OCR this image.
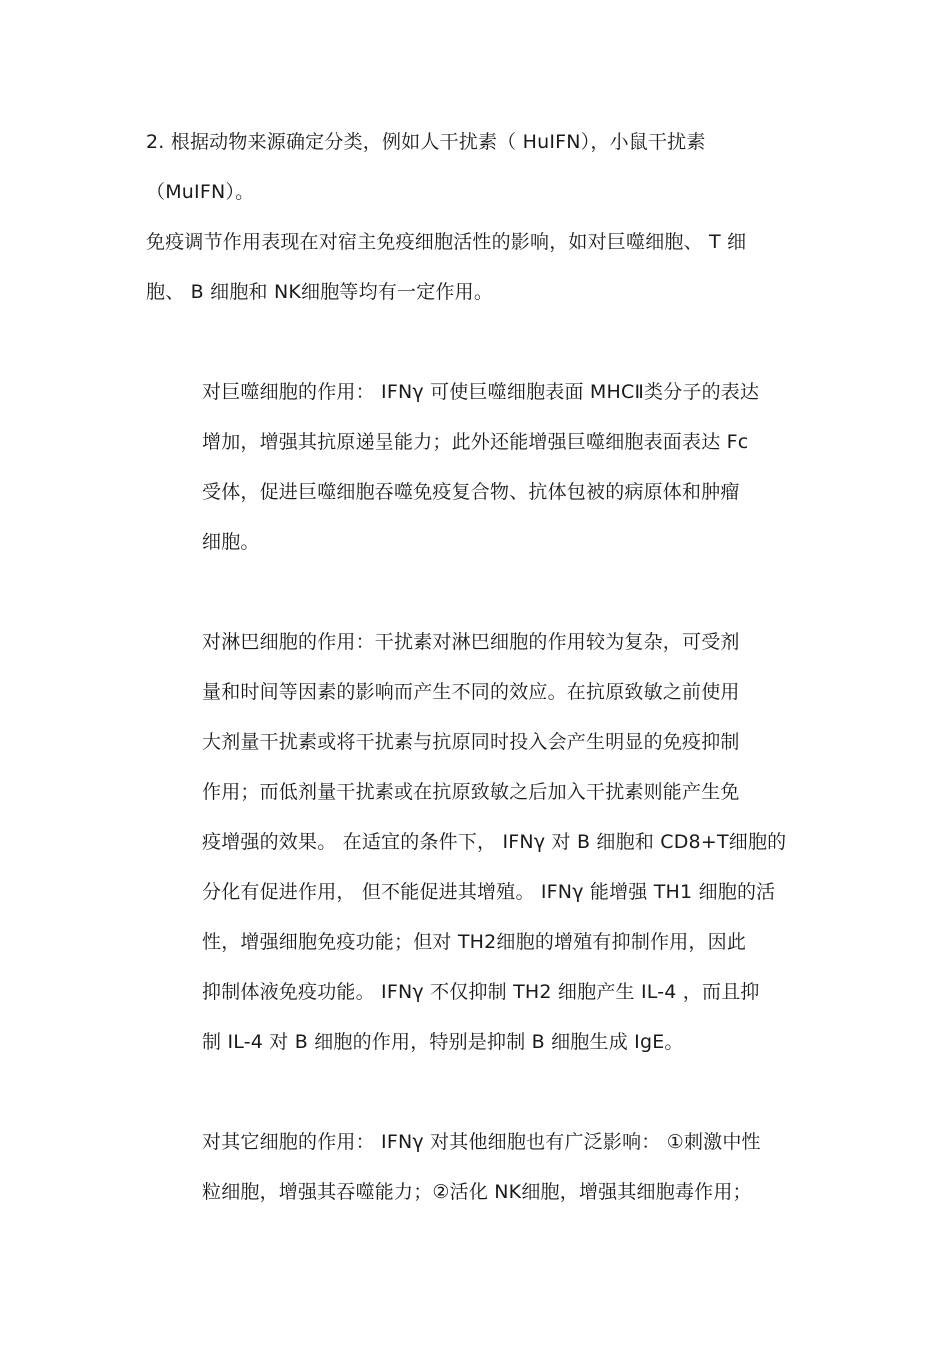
2. 根据动物来源确定分类，例如人干扰素（ HuIFN），小鼠干扰素
（MuIFN）。
免疫调节作用表现在对宿主免疫细胞活性的影响，如对巨噬细胞、 T 细
胞、 B 细胞和 NK细胞等均有一定作用。
对巨噬细胞的作用： IFNγ 可使巨噬细胞表面 MHCⅡ类分子的表达
增加，增强其抗原递呈能力；此外还能增强巨噬细胞表面表达 Fc
受体，促进巨噬细胞吞噬免疫复合物、抗体包被的病原体和肿瘤
细胞。
对淋巴细胞的作用：干扰素对淋巴细胞的作用较为复杂，可受剂
量和时间等因素的影响而产生不同的效应。在抗原致敏之前使用
大剂量干扰素或将干扰素与抗原同时投入会产生明显的免疫抑制
作用；而低剂量干扰素或在抗原致敏之后加入干扰素则能产生免
疫增强的效果。 在适宜的条件下， IFNγ 对 B 细胞和 CD8+T细胞的
分化有促进作用， 但不能促进其增殖。 IFNγ 能增强 TH1 细胞的活
性，增强细胞免疫功能；但对 TH2细胞的增殖有抑制作用，因此
抑制体液免疫功能。 IFNγ 不仅抑制 TH2 细胞产生 IL-4 ，而且抑
制 IL-4 对 B 细胞的作用，特别是抑制 B 细胞生成 IgE。
对其它细胞的作用： IFNγ 对其他细胞也有广泛影响： ①刺激中性
粒细胞，增强其吞噬能力；②活化 NK细胞，增强其细胞毒作用；
